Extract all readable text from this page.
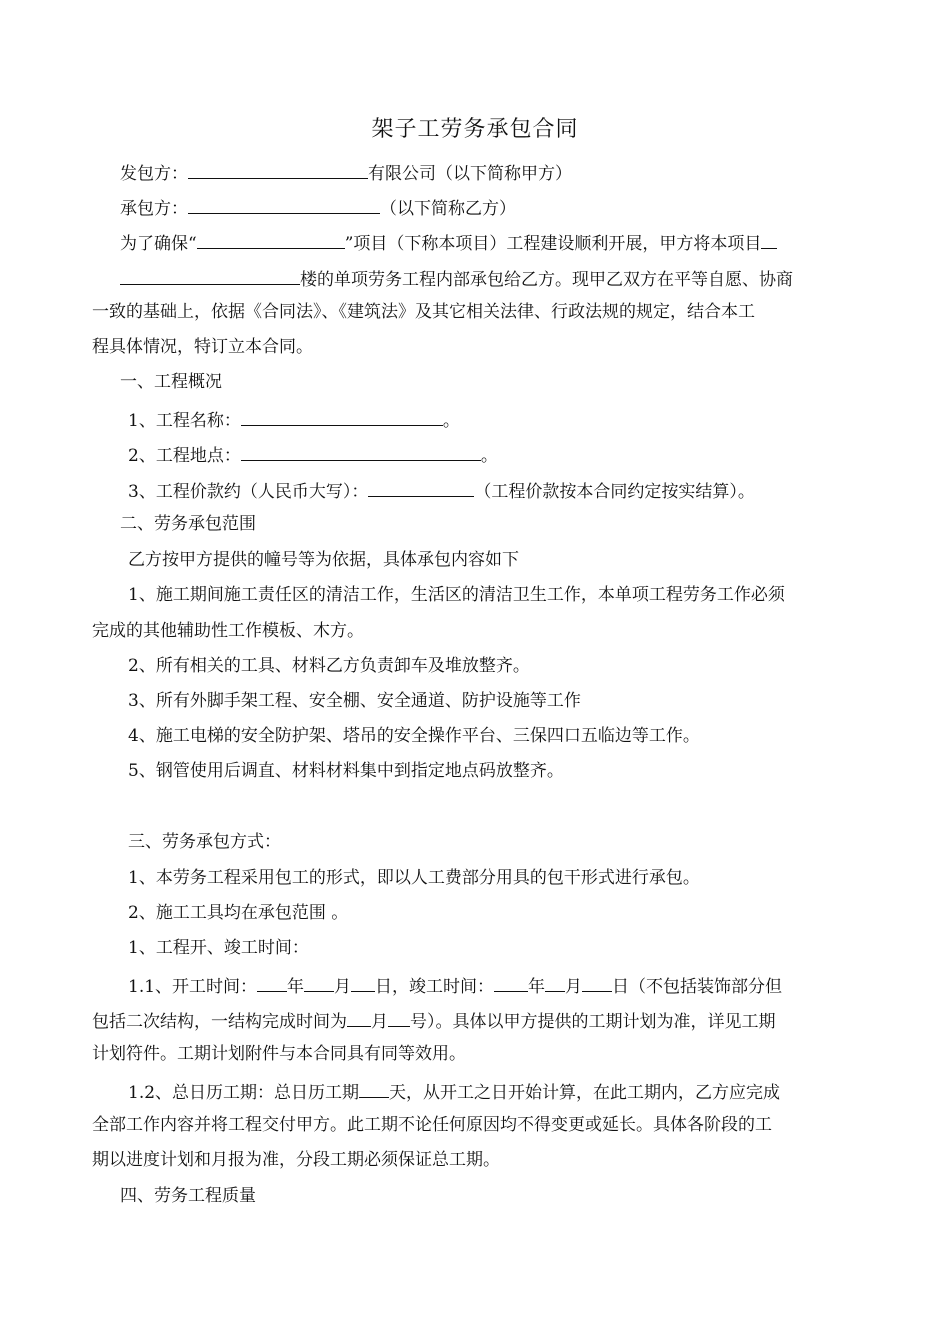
架子工劳务承包合同
发包方：	有限公司（以下简称甲方）
承包方：	（以下简称乙方）
为了确保“	”项目（下称本项目）工程建设顺利开展，甲方将本项目
楼的单项劳务工程内部承包给乙方。现甲乙双方在平等自愿、协商
一致的基础上，依据《合同法》、《建筑法》及其它相关法律、行政法规的规定，结合本工
程具体情况，特订立本合同。
一、工程概况
1、工程名称：	。
2、工程地点：	。
3、工程价款约（人民币大写）：	（工程价款按本合同约定按实结算）。
二、劳务承包范围
乙方按甲方提供的幢号等为依据，具体承包内容如下
1、施工期间施工责任区的清洁工作，生活区的清洁卫生工作，本单项工程劳务工作必须
完成的其他辅助性工作模板、木方。
2、所有相关的工具、材料乙方负责卸车及堆放整齐。
3、所有外脚手架工程、安全棚、安全通道、防护设施等工作
4、施工电梯的安全防护架、塔吊的安全操作平台、三保四口五临边等工作。
5、钢管使用后调直、材料材料集中到指定地点码放整齐。
三、劳务承包方式：
1、本劳务工程采用包工的形式，即以人工费部分用具的包干形式进行承包。
2、施工工具均在承包范围 。
1、工程开、竣工时间：
1.1、开工时间： 年 月 日，竣工时间： 年 月 日（不包括装饰部分但
包括二次结构，一结构完成时间为 月 号）。具体以甲方提供的工期计划为准，详见工期
计划符件。工期计划附件与本合同具有同等效用。
1.2、总日历工期：总日历工期 天，从开工之日开始计算，在此工期内，乙方应完成
全部工作内容并将工程交付甲方。此工期不论任何原因均不得变更或延长。具体各阶段的工
期以进度计划和月报为准，分段工期必须保证总工期。
四、劳务工程质量
